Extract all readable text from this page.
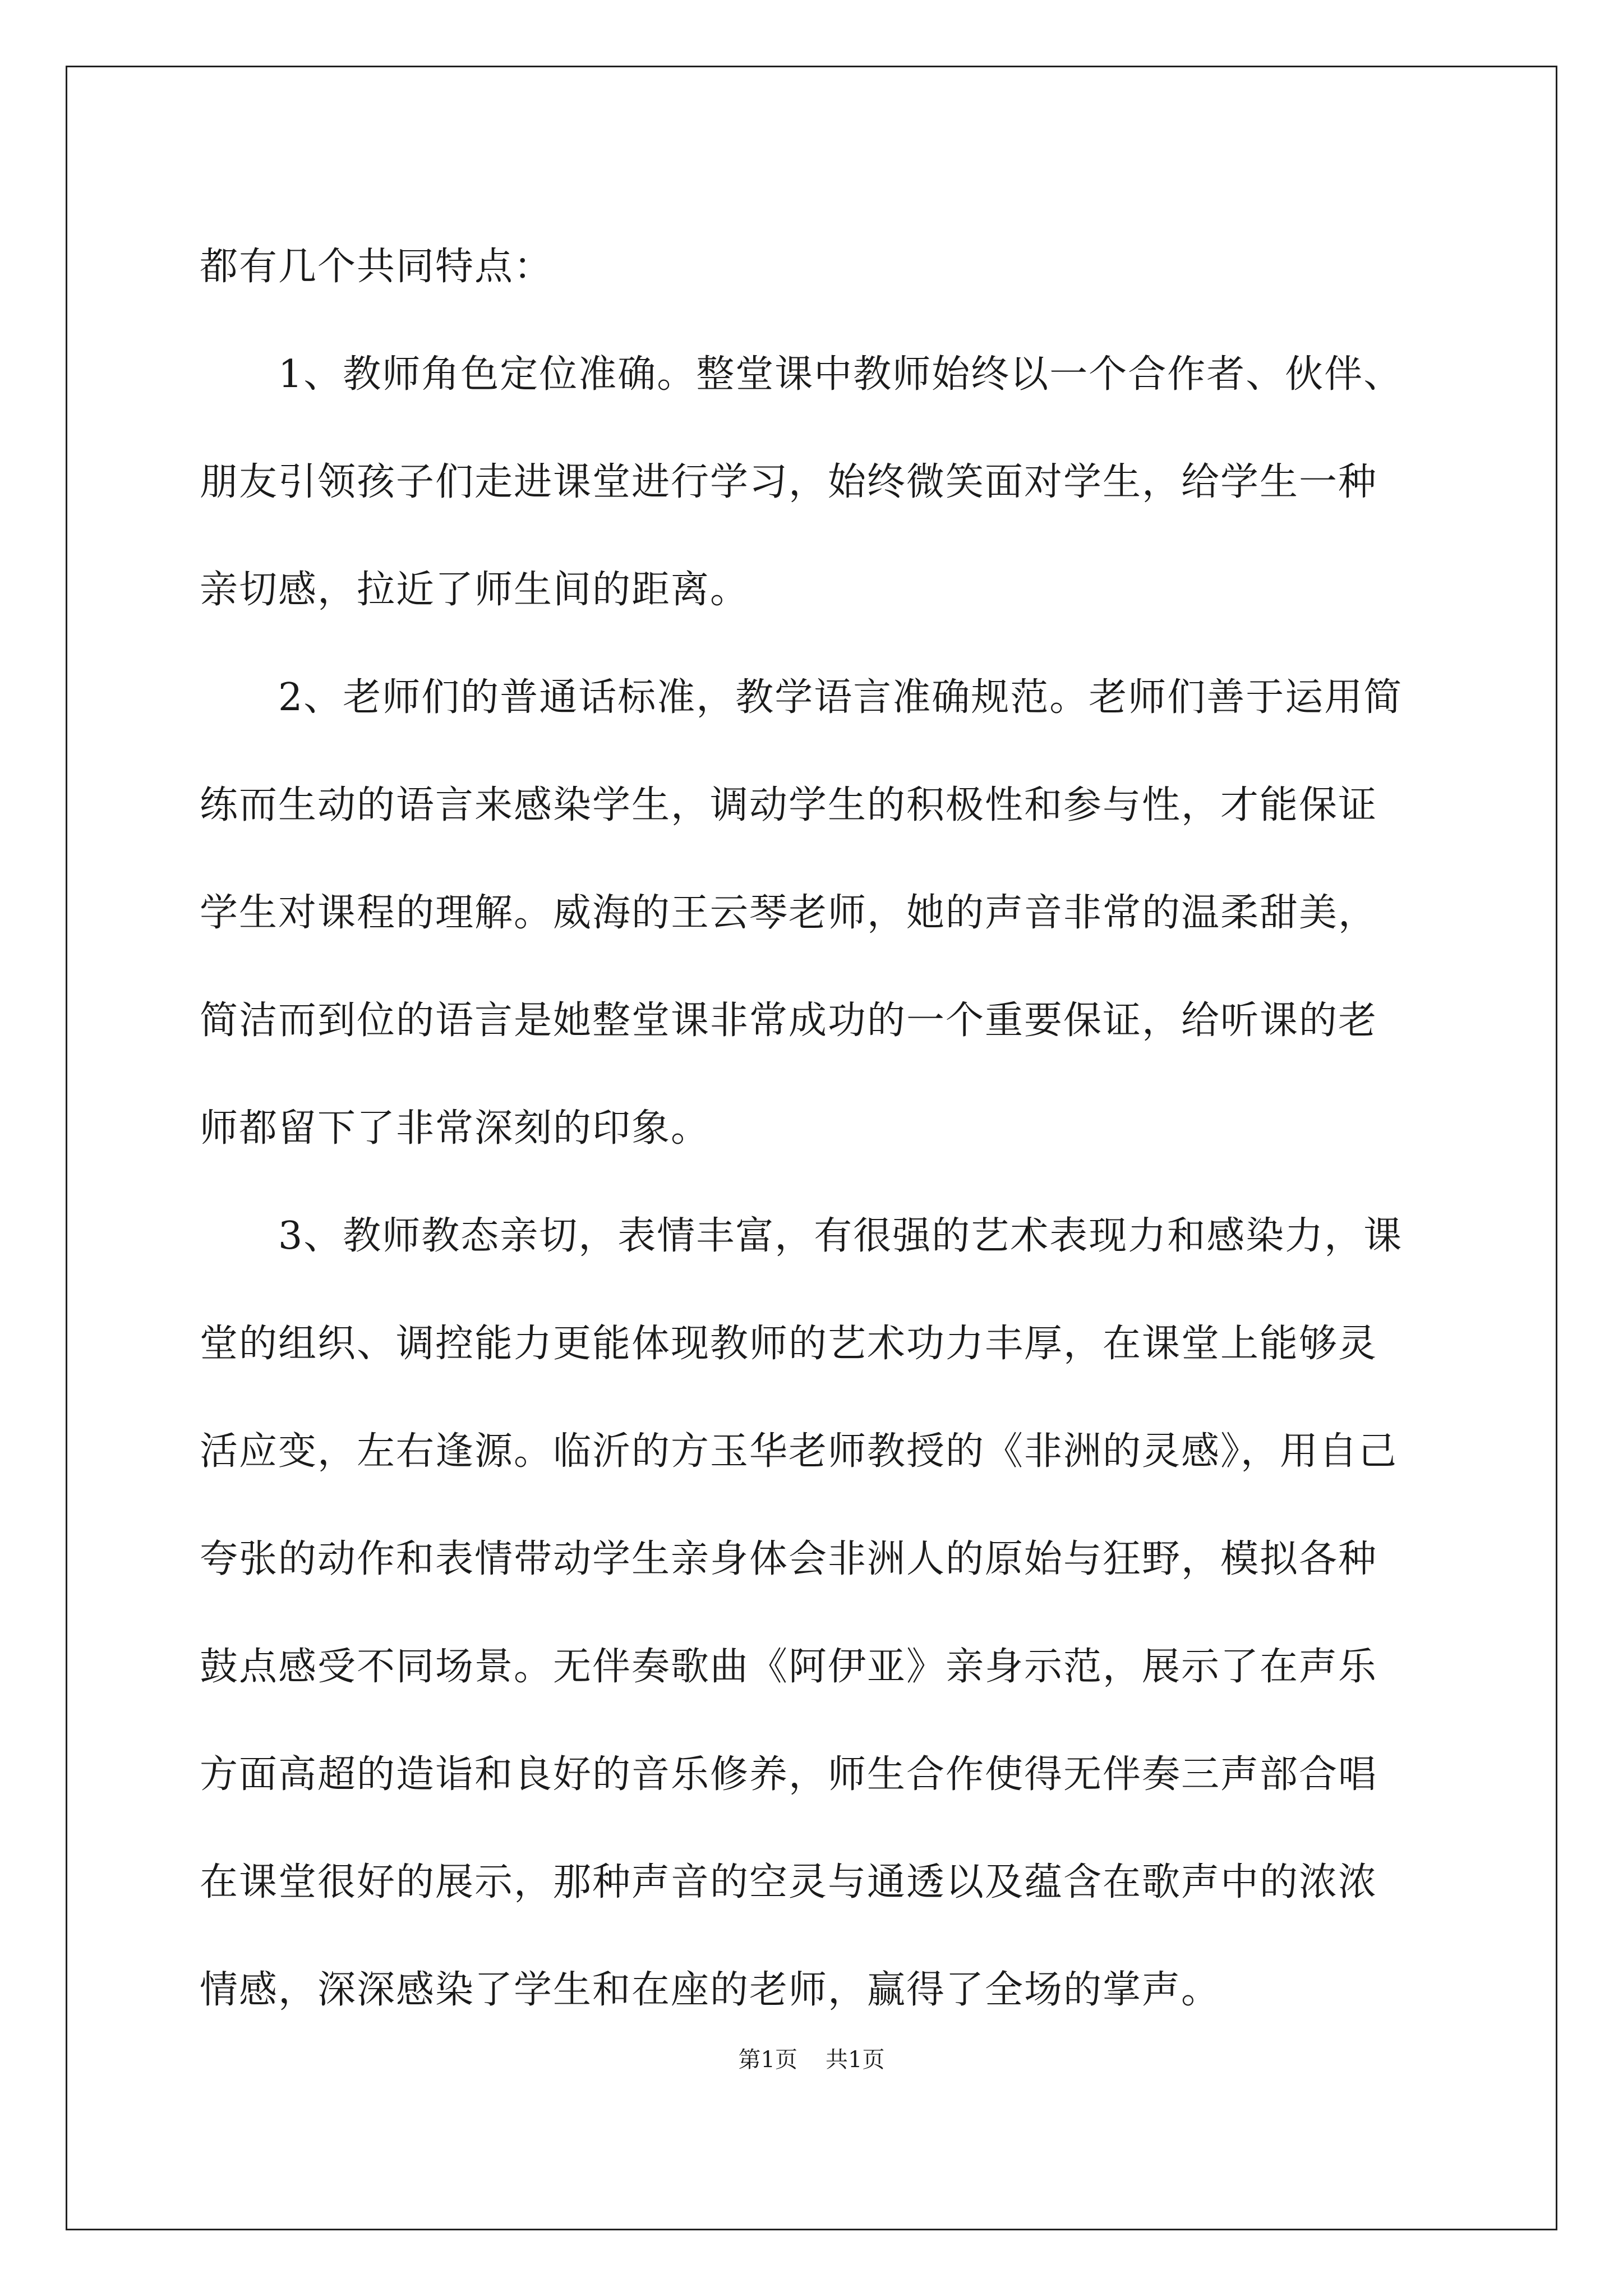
都有几个共同特点：
1、教师角色定位准确。整堂课中教师始终以一个合作者、伙伴、
朋友引领孩子们走进课堂进行学习，始终微笑面对学生，给学生一种
亲切感，拉近了师生间的距离。
2、老师们的普通话标准，教学语言准确规范。老师们善于运用简
练而生动的语言来感染学生，调动学生的积极性和参与性，才能保证
学生对课程的理解。威海的王云琴老师，她的声音非常的温柔甜美，
简洁而到位的语言是她整堂课非常成功的一个重要保证，给听课的老
师都留下了非常深刻的印象。
3、教师教态亲切，表情丰富，有很强的艺术表现力和感染力，课
堂的组织、调控能力更能体现教师的艺术功力丰厚，在课堂上能够灵
活应变，左右逢源。临沂的方玉华老师教授的《非洲的灵感》，用自己
夸张的动作和表情带动学生亲身体会非洲人的原始与狂野，模拟各种
鼓点感受不同场景。无伴奏歌曲《阿伊亚》亲身示范，展示了在声乐
方面高超的造诣和良好的音乐修养，师生合作使得无伴奏三声部合唱
在课堂很好的展示，那种声音的空灵与通透以及蕴含在歌声中的浓浓
情感，深深感染了学生和在座的老师，赢得了全场的掌声。
第1页 共1页
